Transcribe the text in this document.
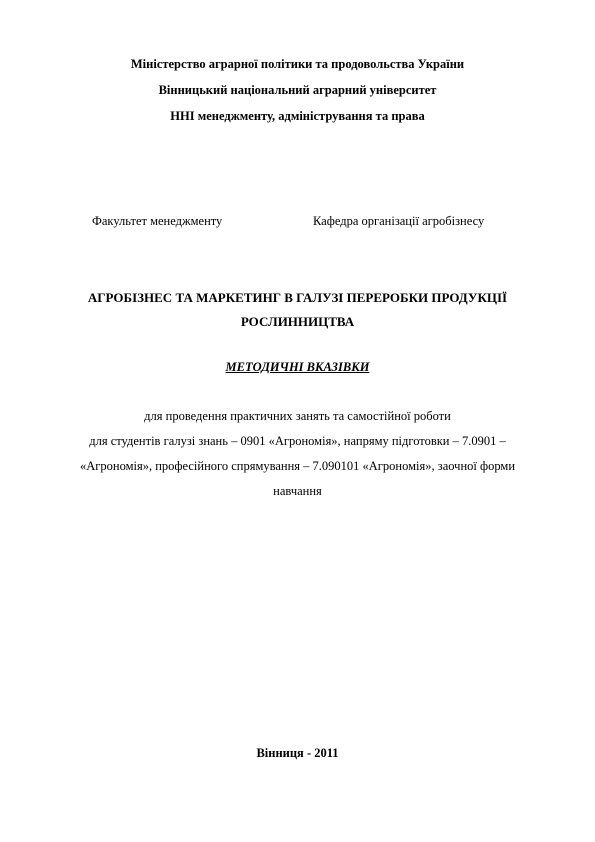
Міністерство аграрної політики та продовольства України
Вінницький національний аграрний університет
ННІ менеджменту, адміністрування та права
Факультет менеджменту	Кафедра організації агробізнесу
АГРОБІЗНЕС ТА МАРКЕТИНГ В ГАЛУЗІ ПЕРЕРОБКИ ПРОДУКЦІЇ
РОСЛИННИЦТВА
МЕТОДИЧНІ ВКАЗІВКИ
для проведення практичних занять та самостійної роботи
для студентів галузі знань – 0901 «Агрономія», напряму підготовки – 7.0901 –
«Агрономія», професійного спрямування – 7.090101 «Агрономія», заочної форми
навчання
Вінниця - 2011
